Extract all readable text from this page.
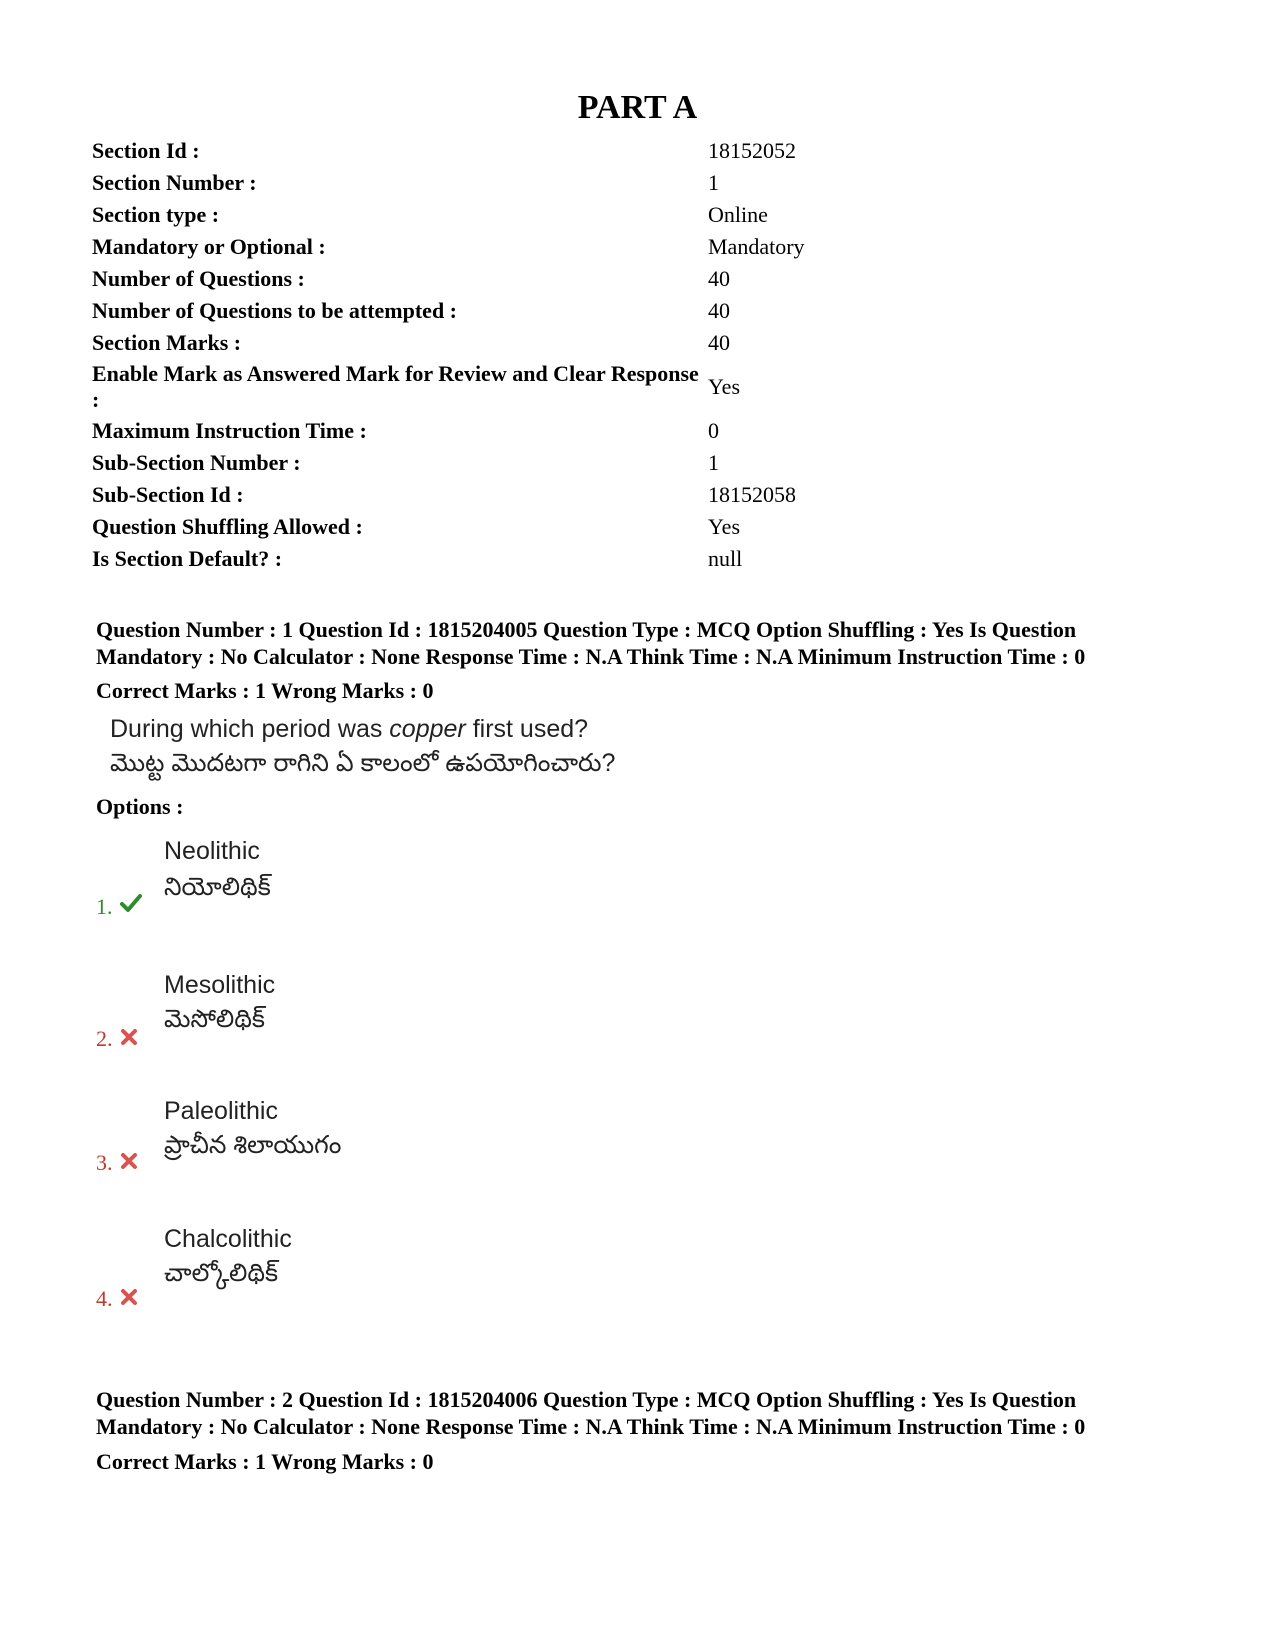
PART A
Section Id :	18152052
Section Number :	1
Section type :	Online
Mandatory or Optional :	Mandatory
Number of Questions :	40
Number of Questions to be attempted :	40
Section Marks :	40
Enable Mark as Answered Mark for Review and Clear Response :	Yes
Maximum Instruction Time :	0
Sub-Section Number :	1
Sub-Section Id :	18152058
Question Shuffling Allowed :	Yes
Is Section Default? :	null
Question Number : 1 Question Id : 1815204005 Question Type : MCQ Option Shuffling : Yes Is Question Mandatory : No Calculator : None Response Time : N.A Think Time : N.A Minimum Instruction Time : 0
Correct Marks : 1 Wrong Marks : 0
During which period was copper first used?
మొట్ట మొదటగా రాగిని ఏ కాలంలో ఉపయోగించారు?
Options :
Neolithic
నియోలిథిక్
1.
Mesolithic
మెసోలిథిక్
2.
Paleolithic
ప్రాచీన శిలాయుగం
3.
Chalcolithic
చాల్కోలిథిక్
4.
Question Number : 2 Question Id : 1815204006 Question Type : MCQ Option Shuffling : Yes Is Question Mandatory : No Calculator : None Response Time : N.A Think Time : N.A Minimum Instruction Time : 0
Correct Marks : 1 Wrong Marks : 0
